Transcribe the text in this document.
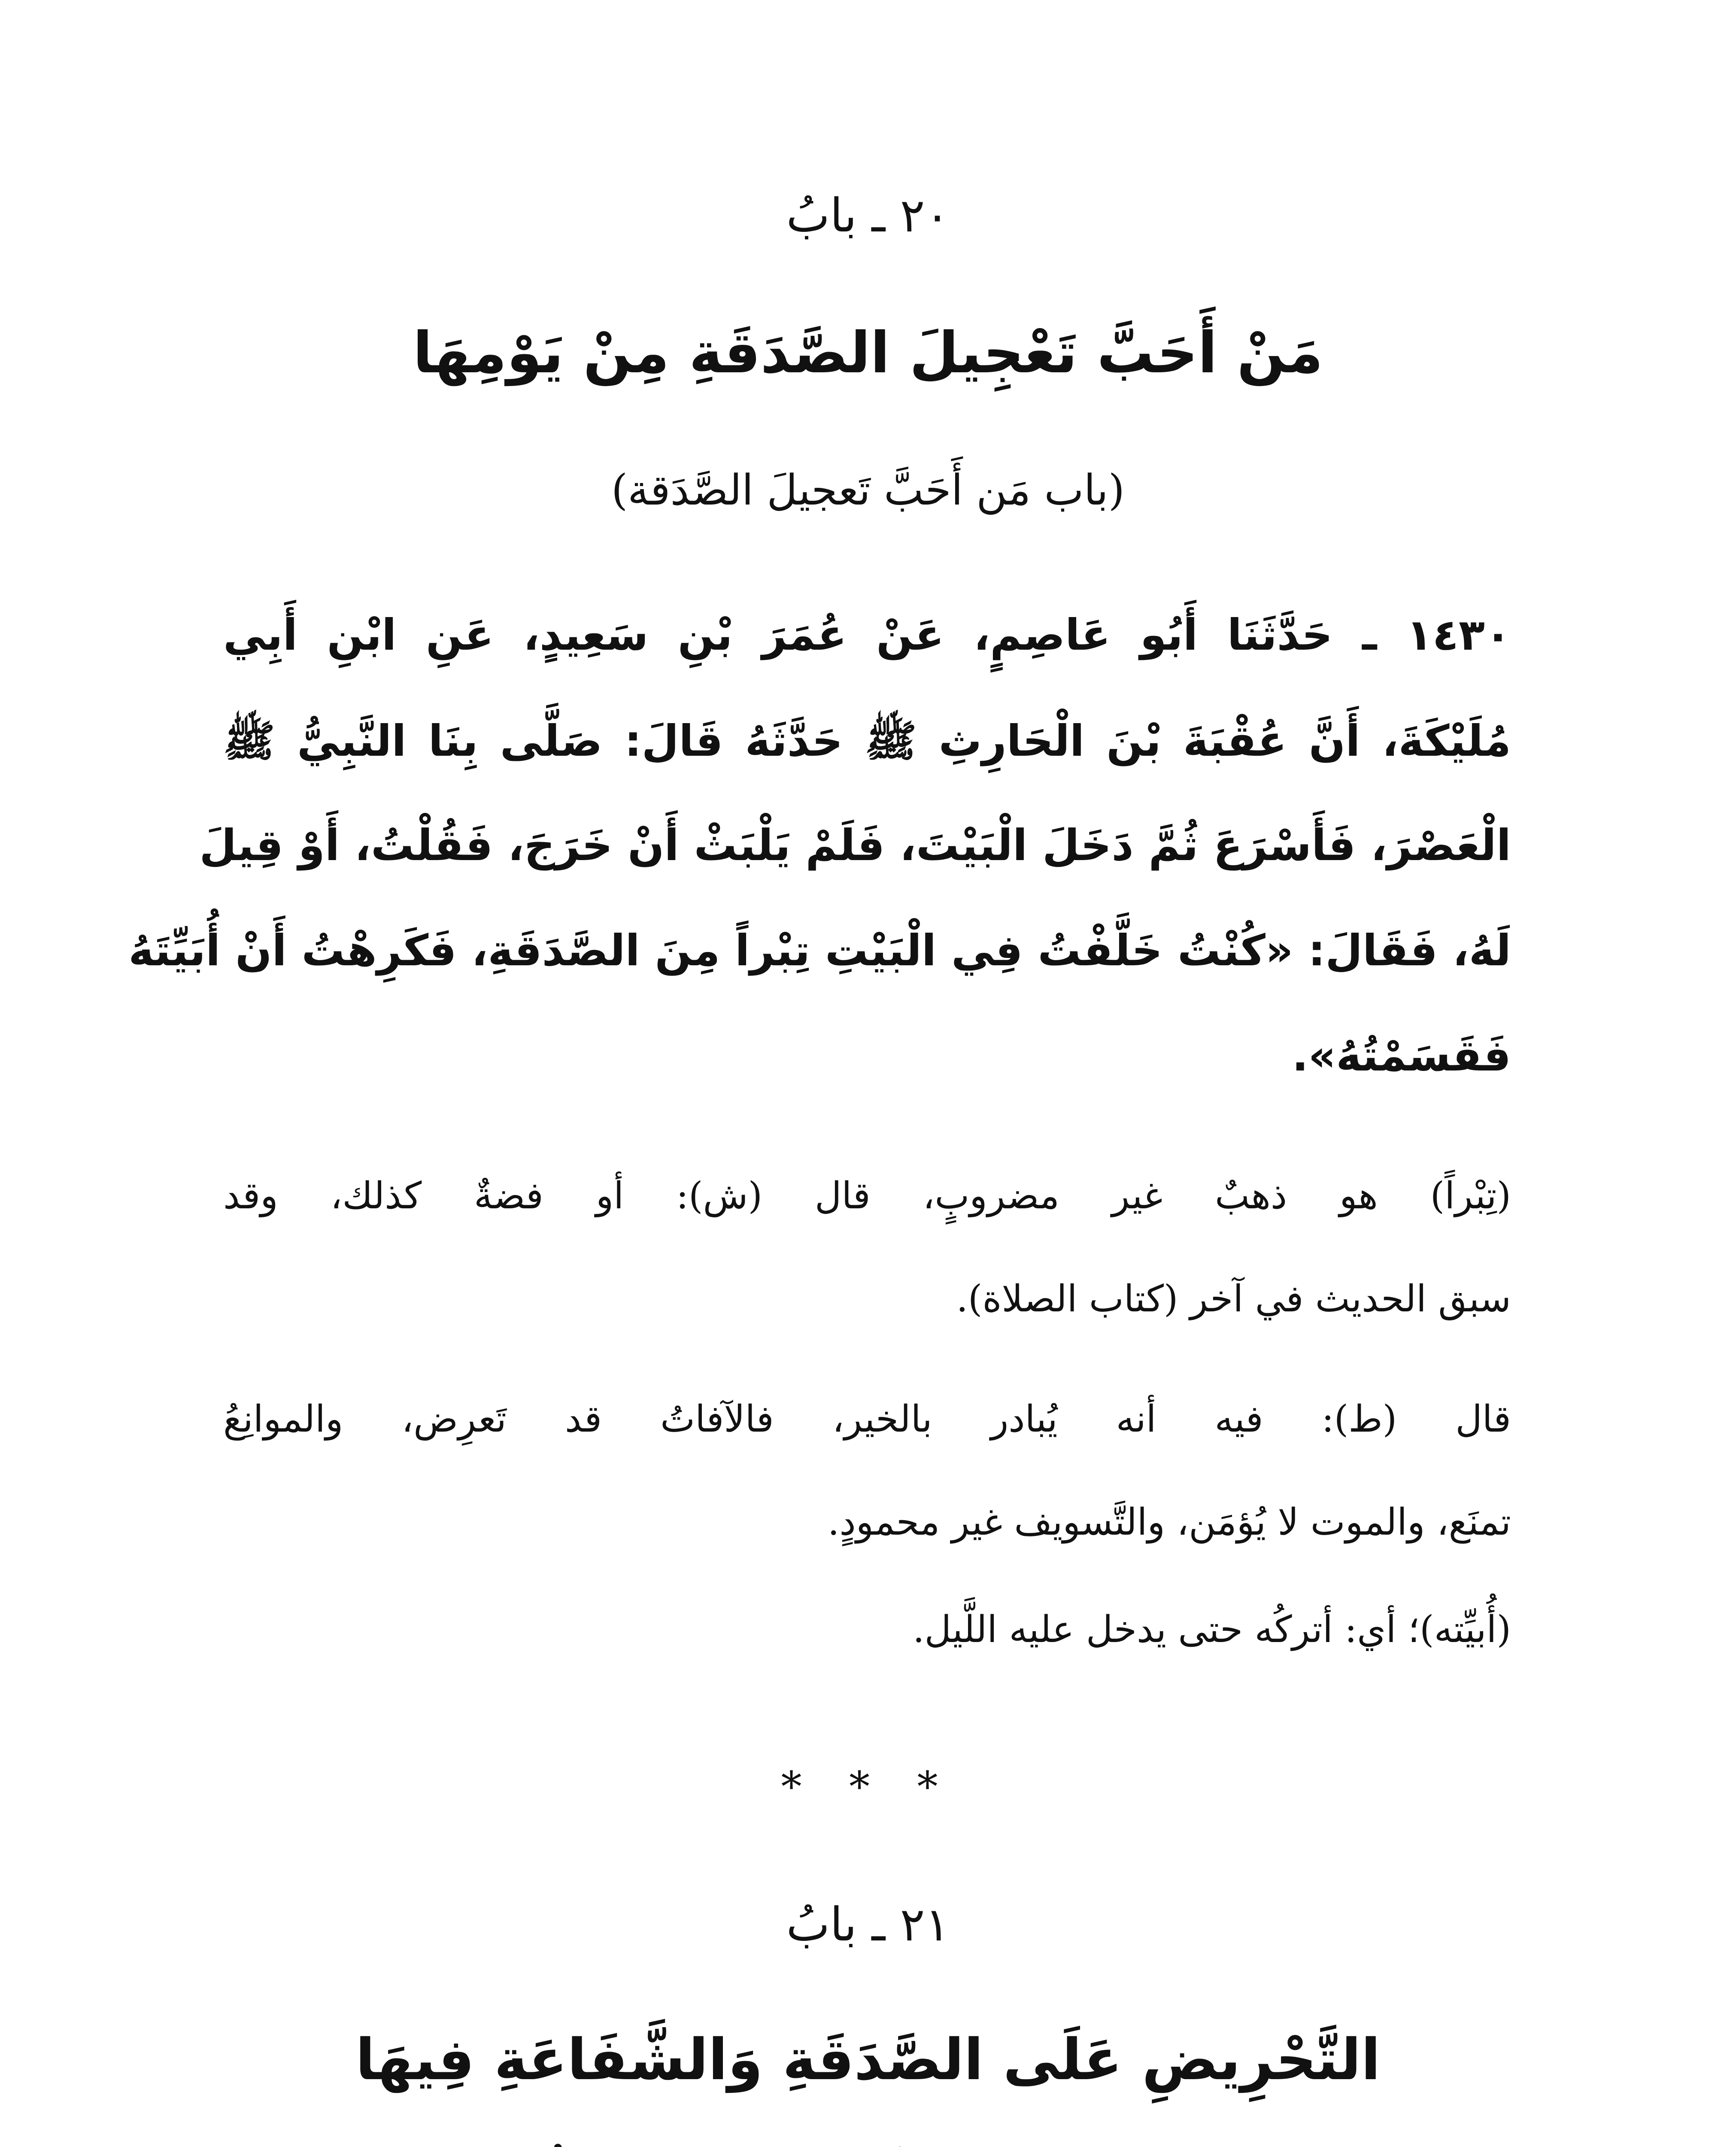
٢٠ ـ بابُ
مَنْ أَحَبَّ تَعْجِيلَ الصَّدَقَةِ مِنْ يَوْمِهَا
(باب مَن أَحَبَّ تَعجيلَ الصَّدَقة)
١٤٣٠ ـ حَدَّثَنَا أَبُو عَاصِمٍ، عَنْ عُمَرَ بْنِ سَعِيدٍ، عَنِ ابْنِ أَبِي
مُلَيْكَةَ، أَنَّ عُقْبَةَ بْنَ الْحَارِثِ ﷺ حَدَّثَهُ قَالَ: صَلَّى بِنَا النَّبِيُّ ﷺ
الْعَصْرَ، فَأَسْرَعَ ثُمَّ دَخَلَ الْبَيْتَ، فَلَمْ يَلْبَثْ أَنْ خَرَجَ، فَقُلْتُ، أَوْ قِيلَ
لَهُ، فَقَالَ: «كُنْتُ خَلَّفْتُ فِي الْبَيْتِ تِبْراً مِنَ الصَّدَقَةِ، فَكَرِهْتُ أَنْ أُبَيِّتَهُ
فَقَسَمْتُهُ».
(تِبْراً) هو ذهبٌ غير مضروبٍ، قال (ش): أو فضةٌ كذلك، وقد
سبق الحديث في آخر (كتاب الصلاة).
قال (ط): فيه أنه يُبادر بالخير، فالآفاتُ قد تَعرِض، والموانِعُ
تمنَع، والموت لا يُؤمَن، والتَّسويف غير محمودٍ.
(أُبيِّته)؛ أي: أتركُه حتى يدخل عليه اللَّيل.
* * *
٢١ ـ بابُ
التَّحْرِيضِ عَلَى الصَّدَقَةِ وَالشَّفَاعَةِ فِيهَا
